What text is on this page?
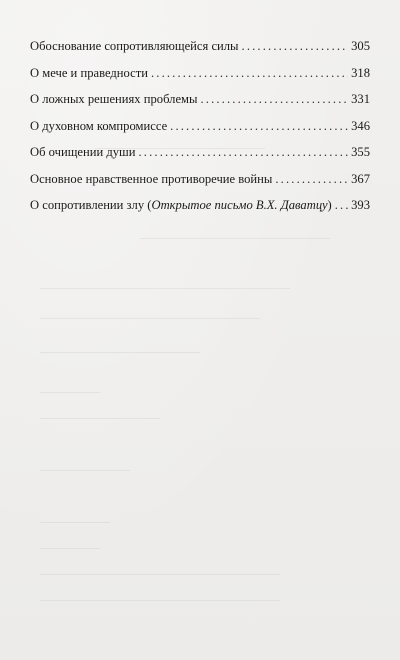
Обоснование сопротивляющейся силы . . .	305
О мече и праведности . . .	318
О ложных решениях проблемы . . .	331
О духовном компромиссе . . .	346
Об очищении души . . .	355
Основное нравственное противоречие войны . . .	367
О сопротивлении злу (Открытое письмо В.Х. Даватцу) . . . 393
